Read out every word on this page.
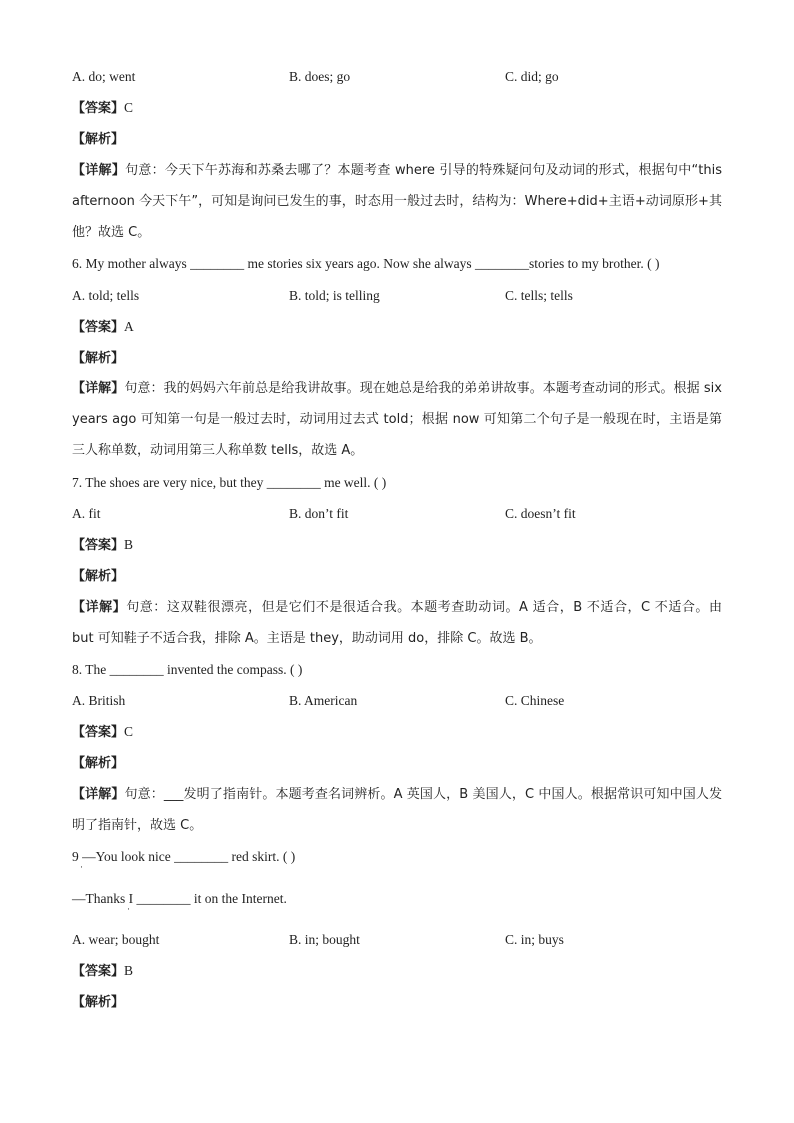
A. do; went	B. does; go	C. did; go
【答案】C
【解析】
【详解】句意：今天下午苏海和苏桑去哪了？本题考查 where 引导的特殊疑问句及动词的形式，根据句中“this afternoon 今天下午”，可知是询问已发生的事，时态用一般过去时，结构为：Where+did+主语+动词原形+其他？故选 C。
6. My mother always ________ me stories six years ago. Now she always ________stories to my brother. ( )
A. told; tells	B. told; is telling	C. tells; tells
【答案】A
【解析】
【详解】句意：我的妈妈六年前总是给我讲故事。现在她总是给我的弟弟讲故事。本题考查动词的形式。根据 six years ago 可知第一句是一般过去时，动词用过去式 told；根据 now 可知第二个句子是一般现在时，主语是第三人称单数，动词用第三人称单数 tells，故选 A。
7. The shoes are very nice, but they ________ me well. ( )
A. fit	B. don’t fit	C. doesn’t fit
【答案】B
【解析】
【详解】句意：这双鞋很漂亮，但是它们不是很适合我。本题考查助动词。A 适合，B 不适合，C 不适合。由 but 可知鞋子不适合我，排除 A。主语是 they，助动词用 do，排除 C。故选 B。
8. The ________ invented the compass. ( )
A. British	B. American	C. Chinese
【答案】C
【解析】
【详解】句意：___发明了指南针。本题考查名词辨析。A 英国人，B 美国人，C 中国人。根据常识可知中国人发明了指南针，故选 C。
9 —You look nice ________ red skirt. ( )
·
—Thanks I ________ it on the Internet.
·
A. wear; bought	B. in; bought	C. in; buys
【答案】B
【解析】
